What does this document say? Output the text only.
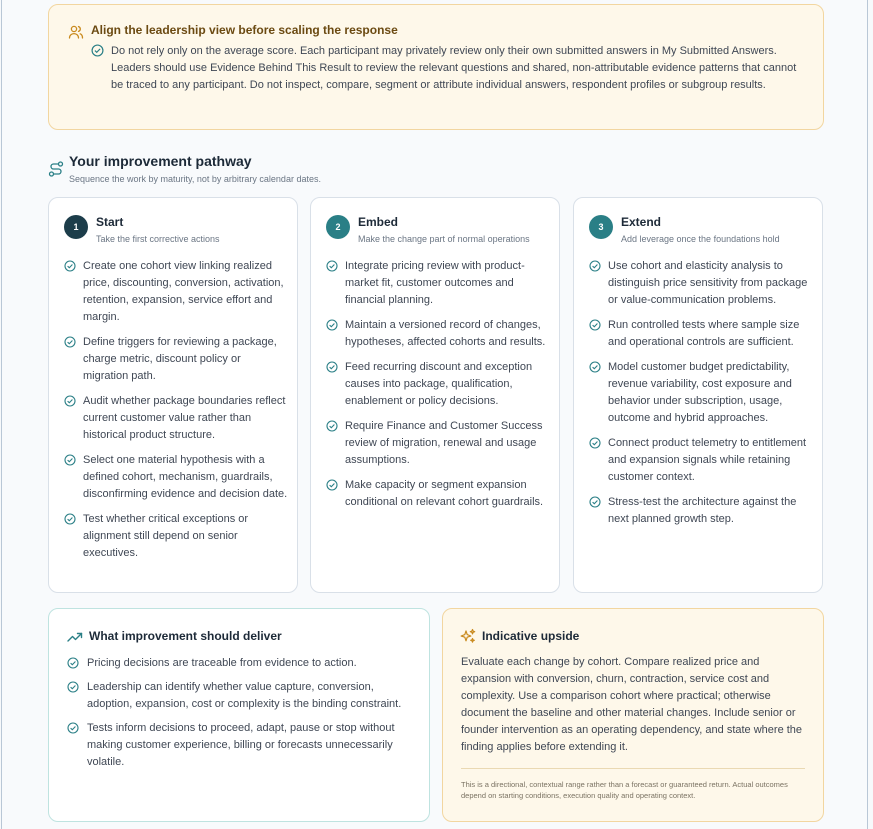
Align the leadership view before scaling the response
Do not rely only on the average score. Each participant may privately review only their own submitted answers in My Submitted Answers. Leaders should use Evidence Behind This Result to review the relevant questions and shared, non-attributable evidence patterns that cannot be traced to any participant. Do not inspect, compare, segment or attribute individual answers, respondent profiles or subgroup results.
Your improvement pathway
Sequence the work by maturity, not by arbitrary calendar dates.
1	Start
Take the first corrective actions
Create one cohort view linking realized price, discounting, conversion, activation, retention, expansion, service effort and margin.
Define triggers for reviewing a package, charge metric, discount policy or migration path.
Audit whether package boundaries reflect current customer value rather than historical product structure.
Select one material hypothesis with a defined cohort, mechanism, guardrails, disconfirming evidence and decision date.
Test whether critical exceptions or alignment still depend on senior executives.
2	Embed
Make the change part of normal operations
Integrate pricing review with product-market fit, customer outcomes and financial planning.
Maintain a versioned record of changes, hypotheses, affected cohorts and results.
Feed recurring discount and exception causes into package, qualification, enablement or policy decisions.
Require Finance and Customer Success review of migration, renewal and usage assumptions.
Make capacity or segment expansion conditional on relevant cohort guardrails.
3	Extend
Add leverage once the foundations hold
Use cohort and elasticity analysis to distinguish price sensitivity from package or value-communication problems.
Run controlled tests where sample size and operational controls are sufficient.
Model customer budget predictability, revenue variability, cost exposure and behavior under subscription, usage, outcome and hybrid approaches.
Connect product telemetry to entitlement and expansion signals while retaining customer context.
Stress-test the architecture against the next planned growth step.
What improvement should deliver
Pricing decisions are traceable from evidence to action.
Leadership can identify whether value capture, conversion, adoption, expansion, cost or complexity is the binding constraint.
Tests inform decisions to proceed, adapt, pause or stop without making customer experience, billing or forecasts unnecessarily volatile.
Indicative upside
Evaluate each change by cohort. Compare realized price and expansion with conversion, churn, contraction, service cost and complexity. Use a comparison cohort where practical; otherwise document the baseline and other material changes. Include senior or founder intervention as an operating dependency, and state where the finding applies before extending it.
This is a directional, contextual range rather than a forecast or guaranteed return. Actual outcomes depend on starting conditions, execution quality and operating context.
